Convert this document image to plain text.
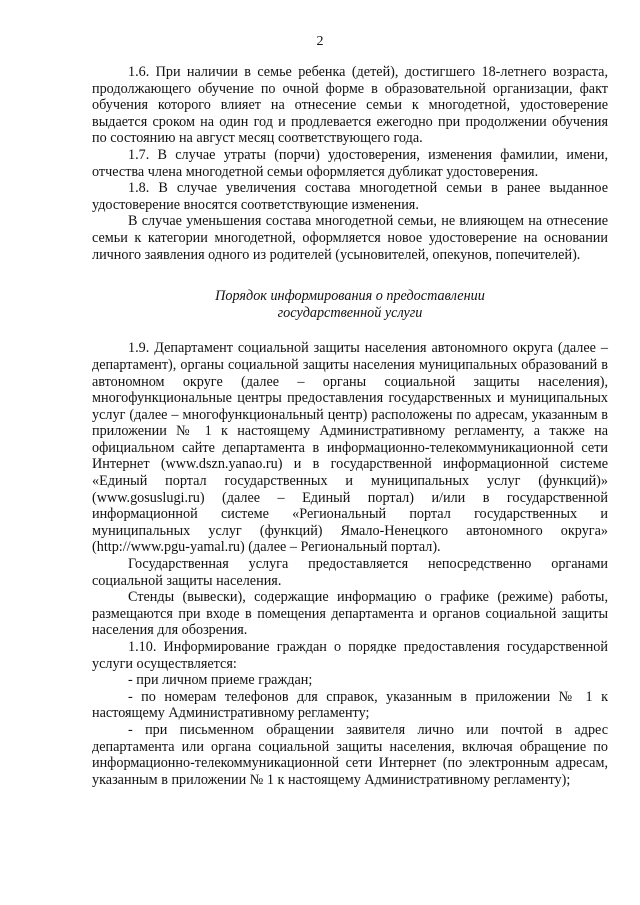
2

1.6. При наличии в семье ребенка (детей), достигшего 18-летнего возраста, продолжающего обучение по очной форме в образовательной организации, факт обучения которого влияет на отнесение семьи к многодетной, удостоверение выдается сроком на один год и продлевается ежегодно при продолжении обучения по состоянию на август месяц соответствующего года.

1.7. В случае утраты (порчи) удостоверения, изменения фамилии, имени, отчества члена многодетной семьи оформляется дубликат удостоверения.

1.8. В случае увеличения состава многодетной семьи в ранее выданное удостоверение вносятся соответствующие изменения.

В случае уменьшения состава многодетной семьи, не влияющем на отнесение семьи к категории многодетной, оформляется новое удостоверение на основании личного заявления одного из родителей (усыновителей, опекунов, попечителей).

Порядок информирования о предоставлении

государственной услуги

1.9. Департамент социальной защиты населения автономного округа (далее – департамент), органы социальной защиты населения муниципальных образований в автономном округе (далее – органы социальной защиты населения), многофункциональные центры предоставления государственных и муниципальных услуг (далее – многофункциональный центр) расположены по адресам, указанным в приложении № 1 к настоящему Административному регламенту, а также на официальном сайте департамента в информационно-телекоммуникационной сети Интернет (www.dszn.yanao.ru) и в государственной информационной системе «Единый портал государственных и муниципальных услуг (функций)» (www.gosuslugi.ru) (далее – Единый портал) и/или в государственной информационной системе «Региональный портал государственных и муниципальных услуг (функций) Ямало-Ненецкого автономного округа» (http://www.pgu-yamal.ru) (далее – Региональный портал).

Государственная услуга предоставляется непосредственно органами социальной защиты населения.

Стенды (вывески), содержащие информацию о графике (режиме) работы, размещаются при входе в помещения департамента и органов социальной защиты населения для обозрения.

1.10. Информирование граждан о порядке предоставления государственной услуги осуществляется:

- при личном приеме граждан;

- по номерам телефонов для справок, указанным в приложении № 1 к настоящему Административному регламенту;

- при письменном обращении заявителя лично или почтой в адрес департамента или органа социальной защиты населения, включая обращение по информационно-телекоммуникационной сети Интернет (по электронным адресам, указанным в приложении № 1 к настоящему Административному регламенту);
